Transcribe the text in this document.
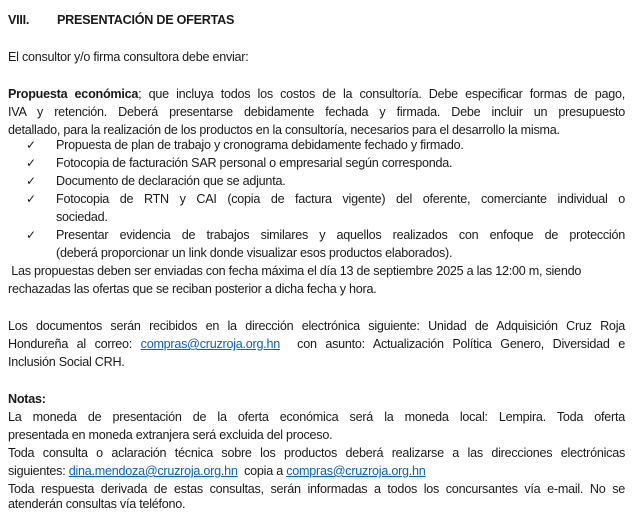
VIII. PRESENTACIÓN DE OFERTAS
El consultor y/o firma consultora debe enviar:
Propuesta económica; que incluya todos los costos de la consultoría. Debe especificar formas de pago,
IVA y retención. Deberá presentarse debidamente fechada y firmada. Debe incluir un presupuesto
detallado, para la realización de los productos en la consultoría, necesarios para el desarrollo la misma.
✓ Propuesta de plan de trabajo y cronograma debidamente fechado y firmado.
✓ Fotocopia de facturación SAR personal o empresarial según corresponda.
✓ Documento de declaración que se adjunta.
✓ Fotocopia de RTN y CAI (copia de factura vigente) del oferente, comerciante individual o
sociedad.
✓ Presentar evidencia de trabajos similares y aquellos realizados con enfoque de protección
(deberá proporcionar un link donde visualizar esos productos elaborados).
Las propuestas deben ser enviadas con fecha máxima el día 13 de septiembre 2025 a las 12:00 m, siendo
rechazadas las ofertas que se reciban posterior a dicha fecha y hora.
Los documentos serán recibidos en la dirección electrónica siguiente: Unidad de Adquisición Cruz Roja
Hondureña al correo: compras@cruzroja.org.hn  con asunto: Actualización Política Genero, Diversidad e
Inclusión Social CRH.
Notas:
La moneda de presentación de la oferta económica será la moneda local: Lempira. Toda oferta
presentada en moneda extranjera será excluida del proceso.
Toda consulta o aclaración técnica sobre los productos deberá realizarse a las direcciones electrónicas
siguientes: dina.mendoza@cruzroja.org.hn  copia a compras@cruzroja.org.hn
Toda respuesta derivada de estas consultas, serán informadas a todos los concursantes vía e-mail. No se
atenderán consultas vía teléfono.
